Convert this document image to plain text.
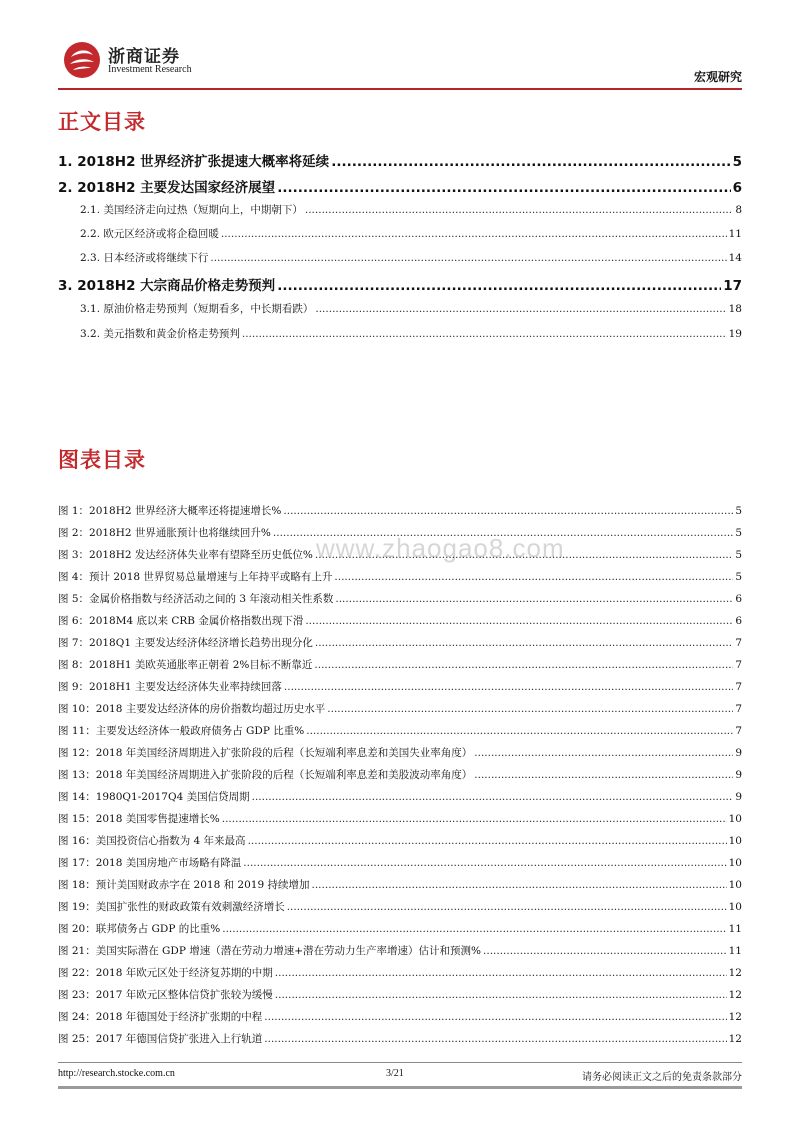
浙商证券
Investment Research
宏观研究
正文目录
1. 2018H2 世界经济扩张提速大概率将延续 .....	5
2. 2018H2 主要发达国家经济展望 .....	6
2.1. 美国经济走向过热（短期向上，中期朝下） .....	8
2.2. 欧元区经济或将企稳回暖 .....	11
2.3. 日本经济或将继续下行 .....	14
3. 2018H2 大宗商品价格走势预判 .....	17
3.1. 原油价格走势预判（短期看多，中长期看跌） .....	18
3.2. 美元指数和黄金价格走势预判 .....	19
图表目录
www.zhaogao8.com
图 1：2018H2 世界经济大概率还将提速增长% .....	5
图 2：2018H2 世界通胀预计也将继续回升% .....	5
图 3：2018H2 发达经济体失业率有望降至历史低位% .....	5
图 4：预计 2018 世界贸易总量增速与上年持平或略有上升 .....	5
图 5：金属价格指数与经济活动之间的 3 年滚动相关性系数 .....	6
图 6：2018M4 底以来 CRB 金属价格指数出现下滑 .....	6
图 7：2018Q1 主要发达经济体经济增长趋势出现分化 .....	7
图 8：2018H1 美欧英通胀率正朝着 2%目标不断靠近 .....	7
图 9：2018H1 主要发达经济体失业率持续回落 .....	7
图 10：2018 主要发达经济体的房价指数均超过历史水平 .....	7
图 11：主要发达经济体一般政府债务占 GDP 比重% .....	7
图 12：2018 年美国经济周期进入扩张阶段的后程（长短端利率息差和美国失业率角度） .....	9
图 13：2018 年美国经济周期进入扩张阶段的后程（长短端利率息差和美股波动率角度） .....	9
图 14：1980Q1-2017Q4 美国信贷周期 .....	9
图 15：2018 美国零售提速增长% .....	10
图 16：美国投资信心指数为 4 年来最高 .....	10
图 17：2018 美国房地产市场略有降温 .....	10
图 18：预计美国财政赤字在 2018 和 2019 持续增加 .....	10
图 19：美国扩张性的财政政策有效刺激经济增长 .....	10
图 20：联邦债务占 GDP 的比重% .....	11
图 21：美国实际潜在 GDP 增速（潜在劳动力增速+潜在劳动力生产率增速）估计和预测% .....	11
图 22：2018 年欧元区处于经济复苏期的中期 .....	12
图 23：2017 年欧元区整体信贷扩张较为缓慢 .....	12
图 24：2018 年德国处于经济扩张期的中程 .....	12
图 25：2017 年德国信贷扩张进入上行轨道 .....	12
http://research.stocke.com.cn	3/21	请务必阅读正文之后的免责条款部分
